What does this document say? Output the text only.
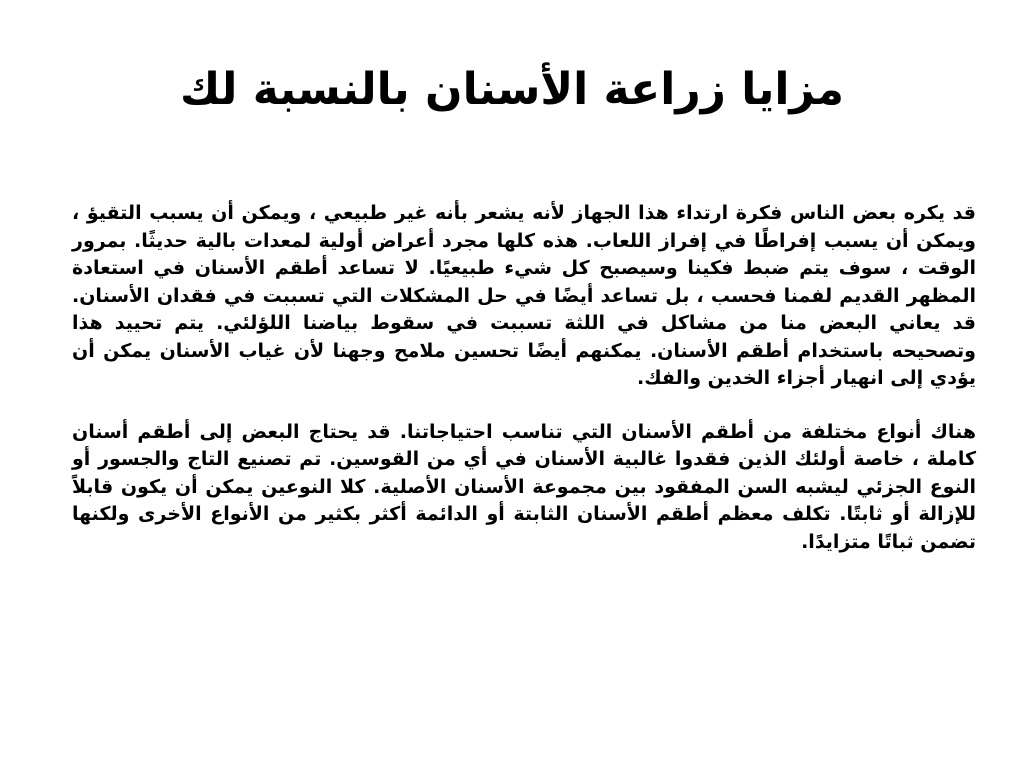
مزايا زراعة الأسنان بالنسبة لك

قد يكره بعض الناس فكرة ارتداء هذا الجهاز لأنه يشعر بأنه غير طبيعي ، ويمكن أن يسبب التقيؤ ، ويمكن أن يسبب إفراطًا في إفراز اللعاب. هذه كلها مجرد أعراض أولية لمعدات بالية حديثًا. بمرور الوقت ، سوف يتم ضبط فكينا وسيصبح كل شيء طبيعيًا. لا تساعد أطقم الأسنان في استعادة المظهر القديم لفمنا فحسب ، بل تساعد أيضًا في حل المشكلات التي تسببت في فقدان الأسنان. قد يعاني البعض منا من مشاكل في اللثة تسببت في سقوط بياضنا اللؤلئي. يتم تحييد هذا وتصحيحه باستخدام أطقم الأسنان. يمكنهم أيضًا تحسين ملامح وجهنا لأن غياب الأسنان يمكن أن يؤدي إلى انهيار أجزاء الخدين والفك.

هناك أنواع مختلفة من أطقم الأسنان التي تناسب احتياجاتنا. قد يحتاج البعض إلى أطقم أسنان كاملة ، خاصة أولئك الذين فقدوا غالبية الأسنان في أي من القوسين. تم تصنيع التاج والجسور أو النوع الجزئي ليشبه السن المفقود بين مجموعة الأسنان الأصلية. كلا النوعين يمكن أن يكون قابلاً للإزالة أو ثابتًا. تكلف معظم أطقم الأسنان الثابتة أو الدائمة أكثر بكثير من الأنواع الأخرى ولكنها تضمن ثباتًا متزايدًا.
